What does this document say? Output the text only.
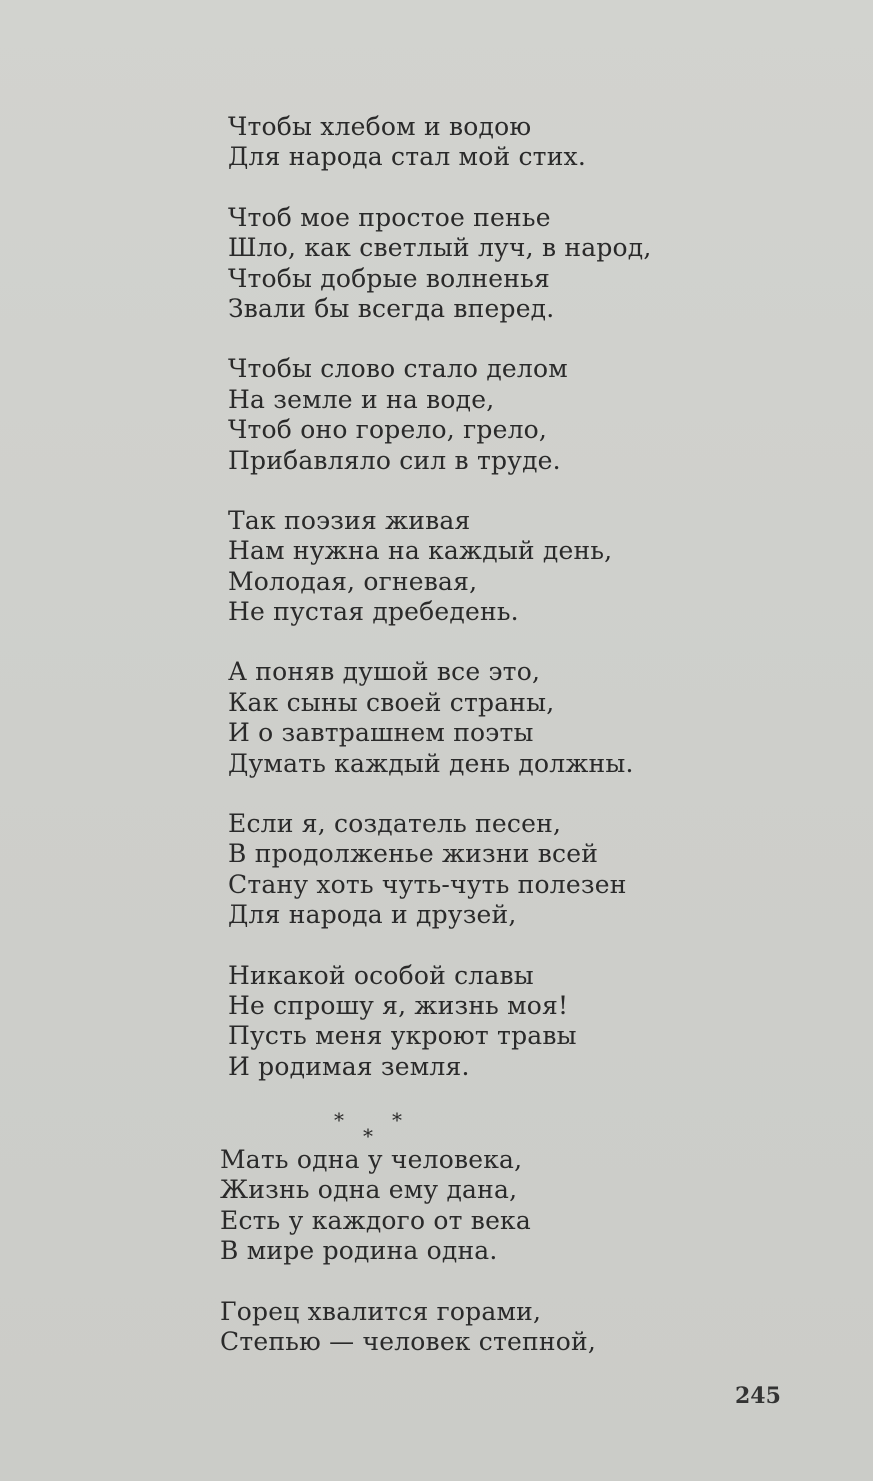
Чтобы хлебом и водою
Для народа стал мой стих.
Чтоб мое простое пенье
Шло, как светлый луч, в народ,
Чтобы добрые волненья
Звали бы всегда вперед.
Чтобы слово стало делом
На земле и на воде,
Чтоб оно горело, грело,
Прибавляло сил в труде.
Так поэзия живая
Нам нужна на каждый день,
Молодая, огневая,
Не пустая дребедень.
А поняв душой все это,
Как сыны своей страны,
И о завтрашнем поэты
Думать каждый день должны.
Если я, создатель песен,
В продолженье жизни всей
Стану хоть чуть-чуть полезен
Для народа и друзей,
Никакой особой славы
Не спрошу я, жизнь моя!
Пусть меня укроют травы
И родимая земля.
* *
*
Мать одна у человека,
Жизнь одна ему дана,
Есть у каждого от века
В мире родина одна.
Горец хвалится горами,
Степью — человек степной,
245
